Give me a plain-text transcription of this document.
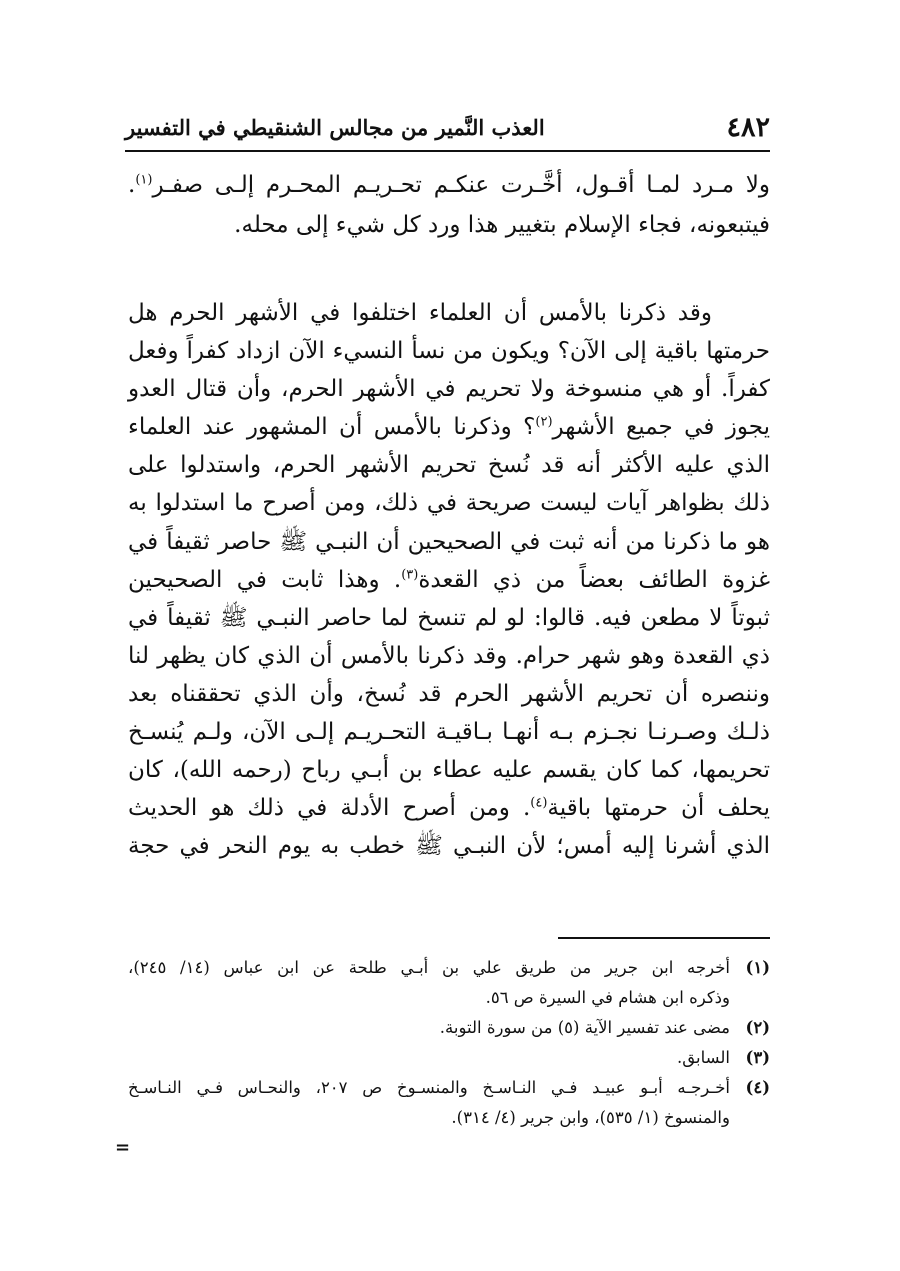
٤٨٢
العذب النَّمير من مجالس الشنقيطي في التفسير
ولا مـرد لمـا أقـول، أخَّـرت عنكـم تحـريـم المحـرم إلـى صفـر$^{(١)}$.
فيتبعونه، فجاء الإسلام بتغيير هذا ورد كل شيء إلى محله.
وقد ذكرنا بالأمس أن العلماء اختلفوا في الأشهر الحرم هل
حرمتها باقية إلى الآن؟ ويكون من نسأ النسيء الآن ازداد كفراً وفعل
كفراً. أو هي منسوخة ولا تحريم في الأشهر الحرم، وأن قتال العدو
يجوز في جميع الأشهر$^{(٢)}$؟ وذكرنا بالأمس أن المشهور عند العلماء
الذي عليه الأكثر أنه قد نُسخ تحريم الأشهر الحرم، واستدلوا على
ذلك بظواهر آيات ليست صريحة في ذلك، ومن أصرح ما استدلوا به
هو ما ذكرنا من أنه ثبت في الصحيحين أن النبـي ﷺ حاصر ثقيفاً في
غزوة الطائف بعضاً من ذي القعدة$^{(٣)}$. وهذا ثابت في الصحيحين
ثبوتاً لا مطعن فيه. قالوا: لو لم تنسخ لما حاصر النبـي ﷺ ثقيفاً في
ذي القعدة وهو شهر حرام. وقد ذكرنا بالأمس أن الذي كان يظهر لنا
وننصره أن تحريم الأشهر الحرم قد نُسخ، وأن الذي تحققناه بعد
ذلـك وصـرنـا نجـزم بـه أنهـا بـاقيـة التحـريـم إلـى الآن، ولـم يُنسـخ
تحريمها، كما كان يقسم عليه عطاء بن أبـي رباح (رحمه الله)، كان
يحلف أن حرمتها باقية$^{(٤)}$. ومن أصرح الأدلة في ذلك هو الحديث
الذي أشرنا إليه أمس؛ لأن النبـي ﷺ خطب به يوم النحر في حجة
(١)
أخرجه ابن جرير من طريق علي بن أبـي طلحة عن ابن عباس (١٤/ ٢٤٥)،
وذكره ابن هشام في السيرة ص ٥٦.
(٢)
مضى عند تفسير الآية (٥) من سورة التوبة.
(٣)
السابق.
(٤)
أخـرجـه أبـو عبيـد فـي النـاسـخ والمنسـوخ ص ٢٠٧، والنحـاس فـي النـاسـخ
والمنسوخ (١/ ٥٣٥)، وابن جرير (٤/ ٣١٤).
=
